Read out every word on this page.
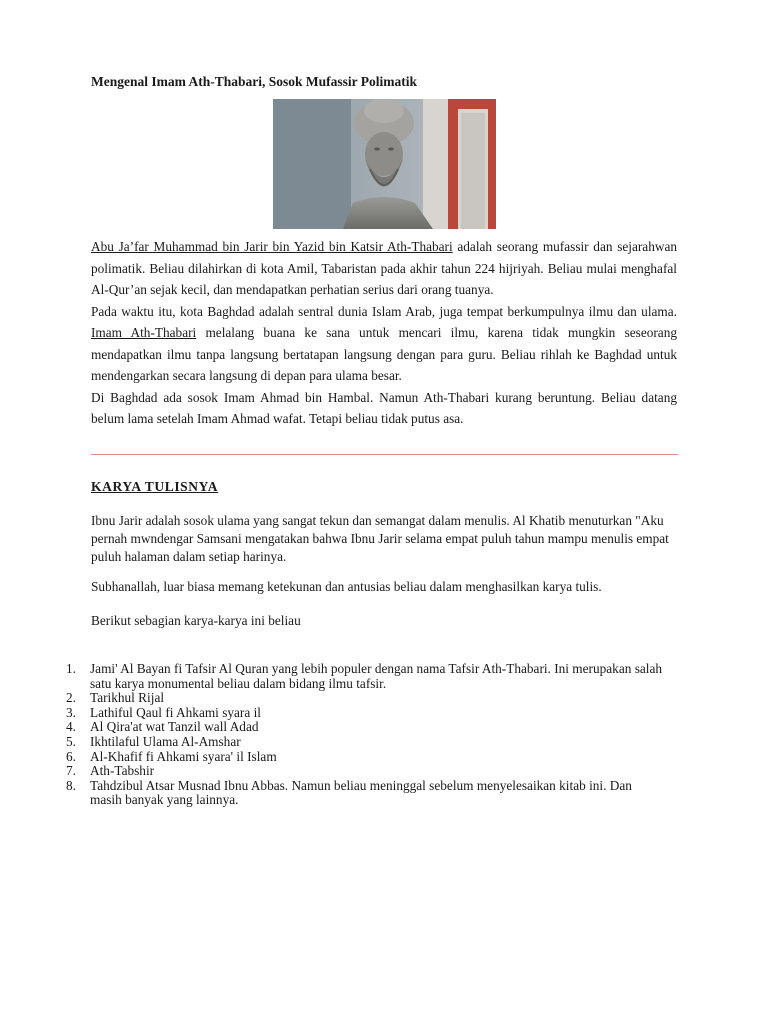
Mengenal Imam Ath-Thabari, Sosok Mufassir Polimatik

Abu Ja’far Muhammad bin Jarir bin Yazid bin Katsir Ath-Thabari adalah seorang mufassir dan sejarahwan polimatik. Beliau dilahirkan di kota Amil, Tabaristan pada akhir tahun 224 hijriyah. Beliau mulai menghafal Al-Qur’an sejak kecil, dan mendapatkan perhatian serius dari orang tuanya.

Pada waktu itu, kota Baghdad adalah sentral dunia Islam Arab, juga tempat berkumpulnya ilmu dan ulama. Imam Ath-Thabari melalang buana ke sana untuk mencari ilmu, karena tidak mungkin seseorang mendapatkan ilmu tanpa langsung bertatapan langsung dengan para guru. Beliau rihlah ke Baghdad untuk mendengarkan secara langsung di depan para ulama besar.

Di Baghdad ada sosok Imam Ahmad bin Hambal. Namun Ath-Thabari kurang beruntung. Beliau datang belum lama setelah Imam Ahmad wafat. Tetapi beliau tidak putus asa.

KARYA TULISNYA

Ibnu Jarir adalah sosok ulama yang sangat tekun dan semangat dalam menulis. Al Khatib menuturkan "Aku pernah mwndengar Samsani mengatakan bahwa Ibnu Jarir selama empat puluh tahun mampu menulis empat puluh halaman dalam setiap harinya.

Subhanallah, luar biasa memang ketekunan dan antusias beliau dalam menghasilkan karya tulis.

Berikut sebagian karya-karya ini beliau

1.	Jami' Al Bayan fi Tafsir Al Quran yang lebih populer dengan nama Tafsir Ath-Thabari. Ini merupakan salah satu karya monumental beliau dalam bidang ilmu tafsir.
2.	Tarikhul Rijal
3.	Lathiful Qaul fi Ahkami syara il
4.	Al Qira'at wat Tanzil wall Adad
5.	Ikhtilaful Ulama Al-Amshar
6.	Al-Khafif fi Ahkami syara' il Islam
7.	Ath-Tabshir
8.	Tahdzibul Atsar Musnad Ibnu Abbas. Namun beliau meninggal sebelum menyelesaikan kitab ini. Dan masih banyak yang lainnya.
